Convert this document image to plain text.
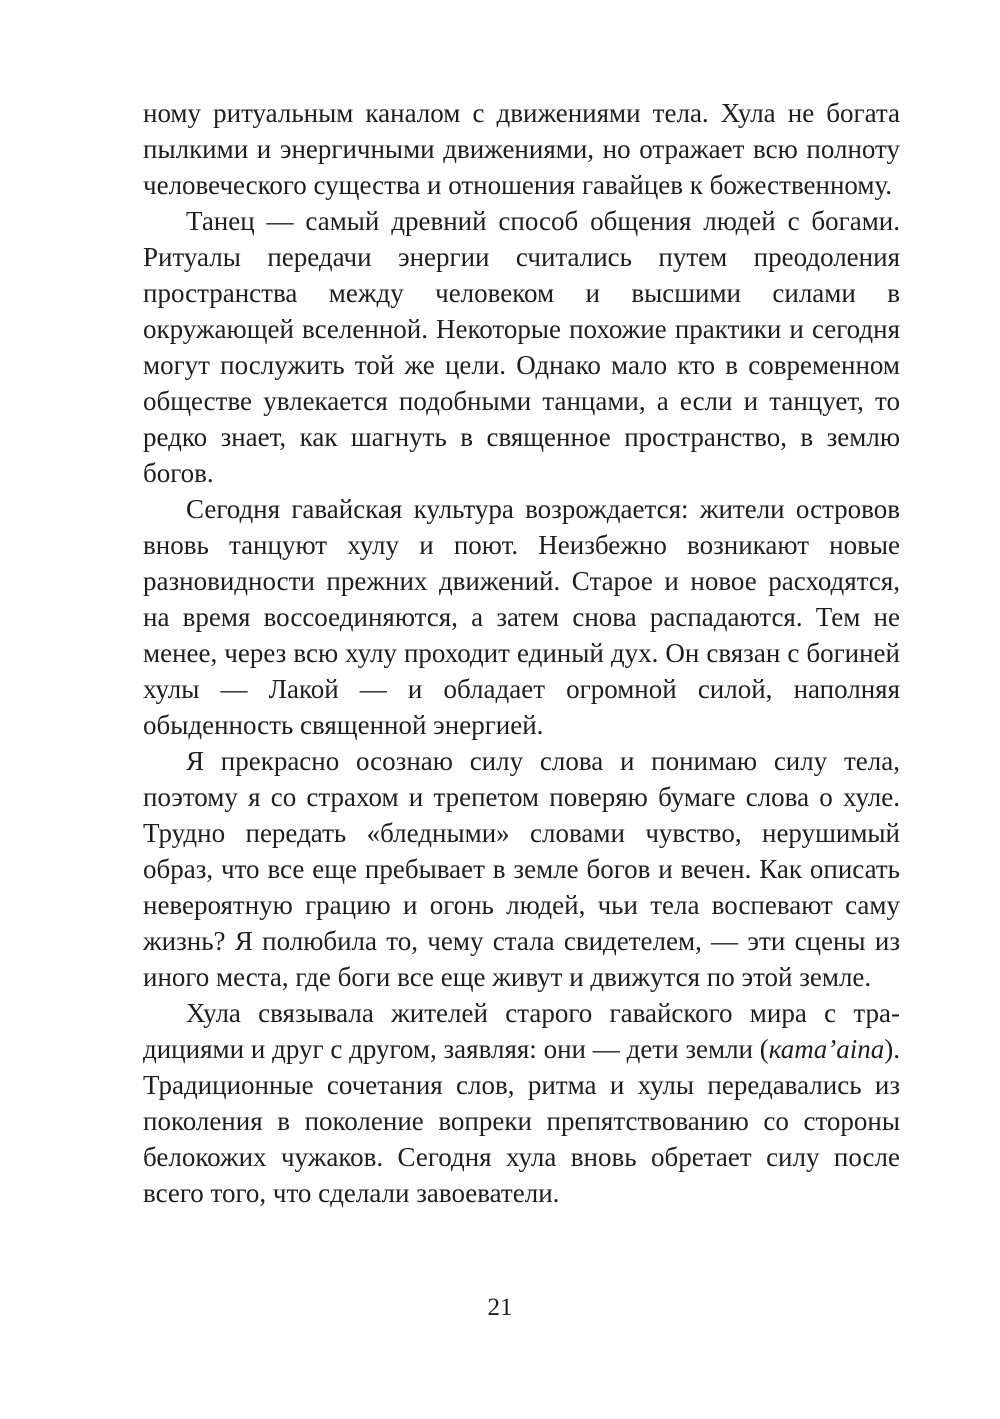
ному ритуальным каналом с движениями тела. Хула не богата пылкими и энергичными движениями, но отражает всю полноту человеческого существа и отношения гавайцев к божественному.

Танец — самый древний способ общения людей с богами. Ритуалы передачи энергии считались путем преодоления пространства между человеком и высшими силами в окружающей вселенной. Некоторые похожие практики и сегодня могут послужить той же цели. Однако мало кто в современном обществе увлекается подобными танцами, а если и танцует, то редко знает, как шагнуть в священное пространство, в землю богов.

Сегодня гавайская культура возрождается: жители островов вновь танцуют хулу и поют. Неизбежно возникают новые разновидности прежних движений. Старое и новое расходятся, на время воссоединяются, а затем снова распадаются. Тем не менее, через всю хулу проходит единый дух. Он связан с богиней хулы — Лакой — и обладает огромной силой, наполняя обыденность священной энергией.

Я прекрасно осознаю силу слова и понимаю силу тела, поэтому я со страхом и трепетом поверяю бумаге слова о хуле. Трудно передать «бледными» словами чувство, нерушимый образ, что все еще пребывает в земле богов и вечен. Как описать невероятную грацию и огонь людей, чьи тела воспевают саму жизнь? Я полюбила то, чему стала свидетелем, — эти сцены из иного места, где боги все еще живут и движутся по этой земле.

Хула связывала жителей старого гавайского мира с традициями и друг с другом, заявляя: они — дети земли (каma’aina). Традиционные сочетания слов, ритма и хулы передавались из поколения в поколение вопреки препятствованию со стороны белокожих чужаков. Сегодня хула вновь обретает силу после всего того, что сделали завоеватели.

21
